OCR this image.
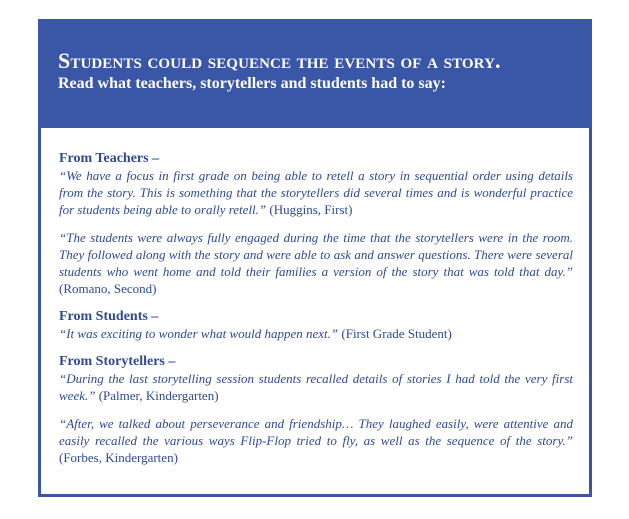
Students could sequence the events of a story.
Read what teachers, storytellers and students had to say:

From Teachers –

“We have a focus in first grade on being able to retell a story in sequential order using details from the story. This is something that the storytellers did several times and is wonderful practice for students being able to orally retell.” (Huggins, First)

“The students were always fully engaged during the time that the storytellers were in the room. They followed along with the story and were able to ask and answer questions. There were several students who went home and told their families a version of the story that was told that day.” (Romano, Second)

From Students –

“It was exciting to wonder what would happen next.” (First Grade Student)

From Storytellers –

“During the last storytelling session students recalled details of stories I had told the very first week.” (Palmer, Kindergarten)

“After, we talked about perseverance and friendship… They laughed easily, were attentive and easily recalled the various ways Flip-Flop tried to fly, as well as the sequence of the story.” (Forbes, Kindergarten)
